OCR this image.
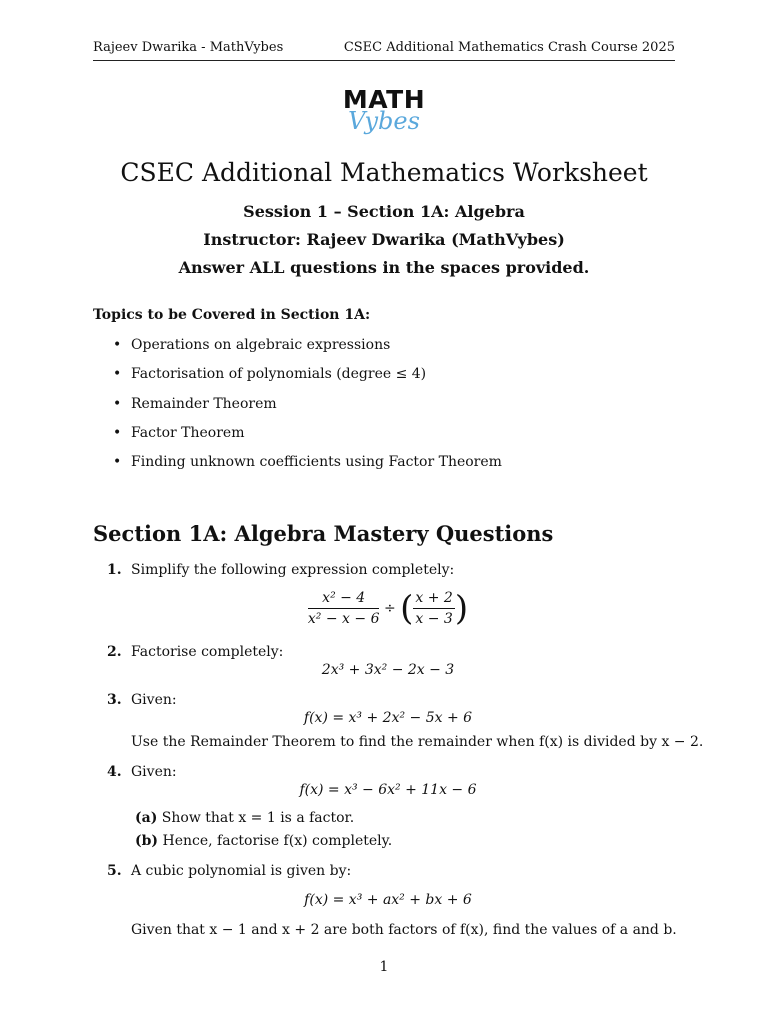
Rajeev Dwarika - MathVybes	CSEC Additional Mathematics Crash Course 2025
MATH
Vybes
CSEC Additional Mathematics Worksheet
Session 1 – Section 1A: Algebra
Instructor: Rajeev Dwarika (MathVybes)
Answer ALL questions in the spaces provided.
Topics to be Covered in Section 1A:
• Operations on algebraic expressions
• Factorisation of polynomials (degree ≤ 4)
• Remainder Theorem
• Factor Theorem
• Finding unknown coefficients using Factor Theorem
Section 1A: Algebra Mastery Questions
1. Simplify the following expression completely:
$\frac{\text{x² − 4}}{\text{x² − x − 6}}$ ÷ ( $\frac{x + 2}{x - 3}$ )
2. Factorise completely:
2x³ + 3x² − 2x − 3
3. Given:
f(x) = x³ + 2x² − 5x + 6
Use the Remainder Theorem to find the remainder when f(x) is divided by x − 2.
4. Given:
f(x) = x³ − 6x² + 11x − 6
(a) Show that x = 1 is a factor.
(b) Hence, factorise f(x) completely.
5. A cubic polynomial is given by:
f(x) = x³ + ax² + bx + 6
Given that x − 1 and x + 2 are both factors of f(x), find the values of a and b.
1
